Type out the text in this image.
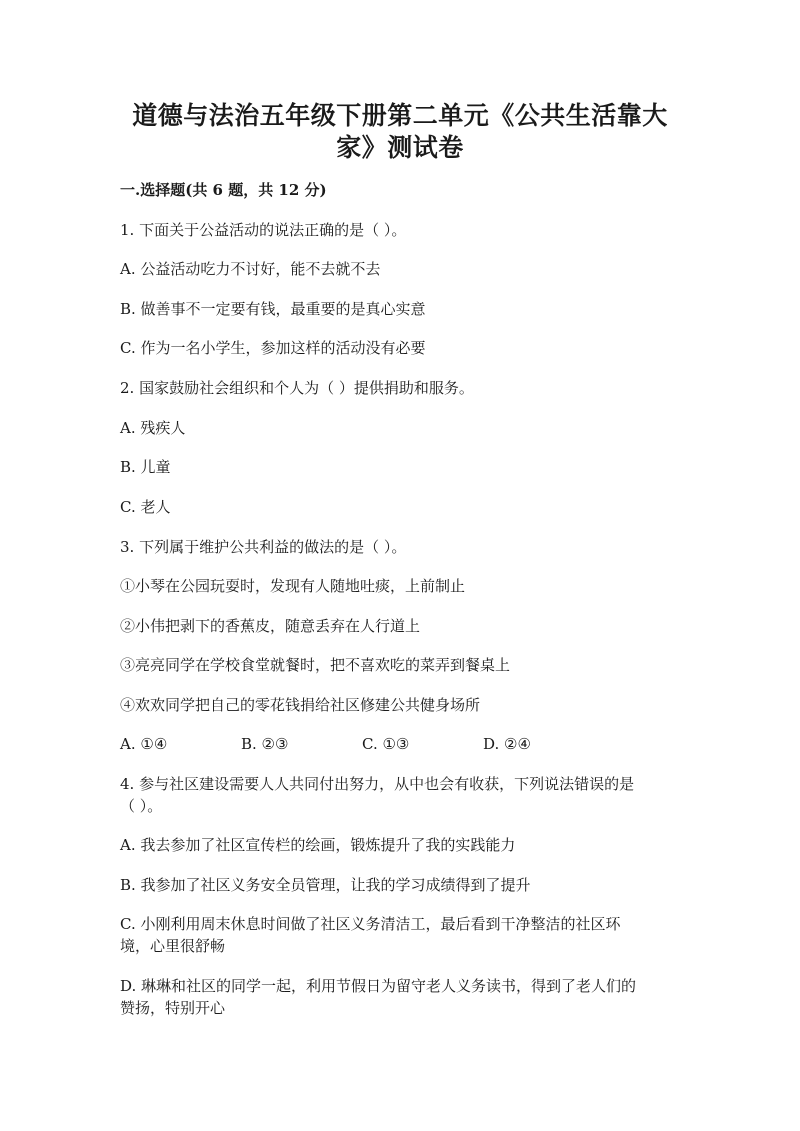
道德与法治五年级下册第二单元《公共生活靠大
家》测试卷
一.选择题(共 6 题，共 12 分)
1. 下面关于公益活动的说法正确的是（ ）。
A. 公益活动吃力不讨好，能不去就不去
B. 做善事不一定要有钱，最重要的是真心实意
C. 作为一名小学生，参加这样的活动没有必要
2. 国家鼓励社会组织和个人为（ ）提供捐助和服务。
A. 残疾人
B. 儿童
C. 老人
3. 下列属于维护公共利益的做法的是（ ）。
①小琴在公园玩耍时，发现有人随地吐痰，上前制止
②小伟把剥下的香蕉皮，随意丢弃在人行道上
③亮亮同学在学校食堂就餐时，把不喜欢吃的菜弄到餐桌上
④欢欢同学把自己的零花钱捐给社区修建公共健身场所
A. ①④	B. ②③	C. ①③	D. ②④
4. 参与社区建设需要人人共同付出努力，从中也会有收获，下列说法错误的是
（ ）。
A. 我去参加了社区宣传栏的绘画，锻炼提升了我的实践能力
B. 我参加了社区义务安全员管理，让我的学习成绩得到了提升
C. 小刚利用周末休息时间做了社区义务清洁工，最后看到干净整洁的社区环
境，心里很舒畅
D. 琳琳和社区的同学一起，利用节假日为留守老人义务读书，得到了老人们的
赞扬，特别开心
